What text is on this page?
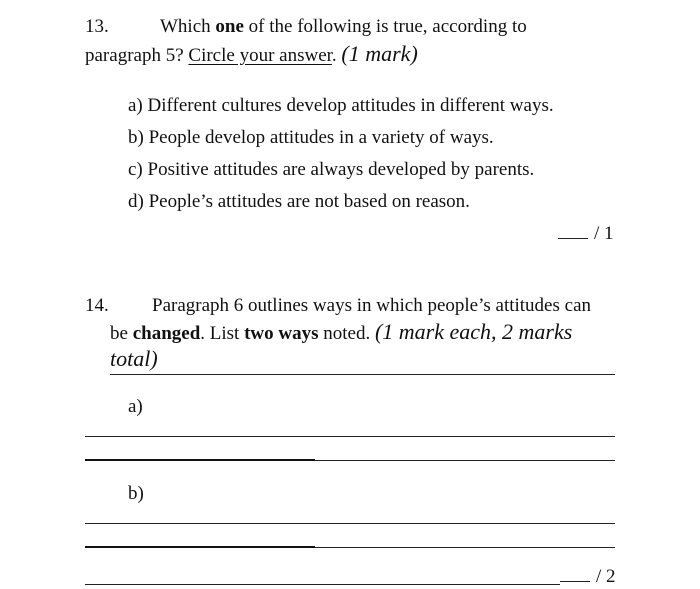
13.	Which one of the following is true, according to
paragraph 5? Circle your answer. (1 mark)
a) Different cultures develop attitudes in different ways.
b) People develop attitudes in a variety of ways.
c) Positive attitudes are always developed by parents.
d) People’s attitudes are not based on reason.
/ 1
14. Paragraph 6 outlines ways in which people’s attitudes can
be changed. List two ways noted. (1 mark each, 2 marks
total)
a)
b)
/ 2
